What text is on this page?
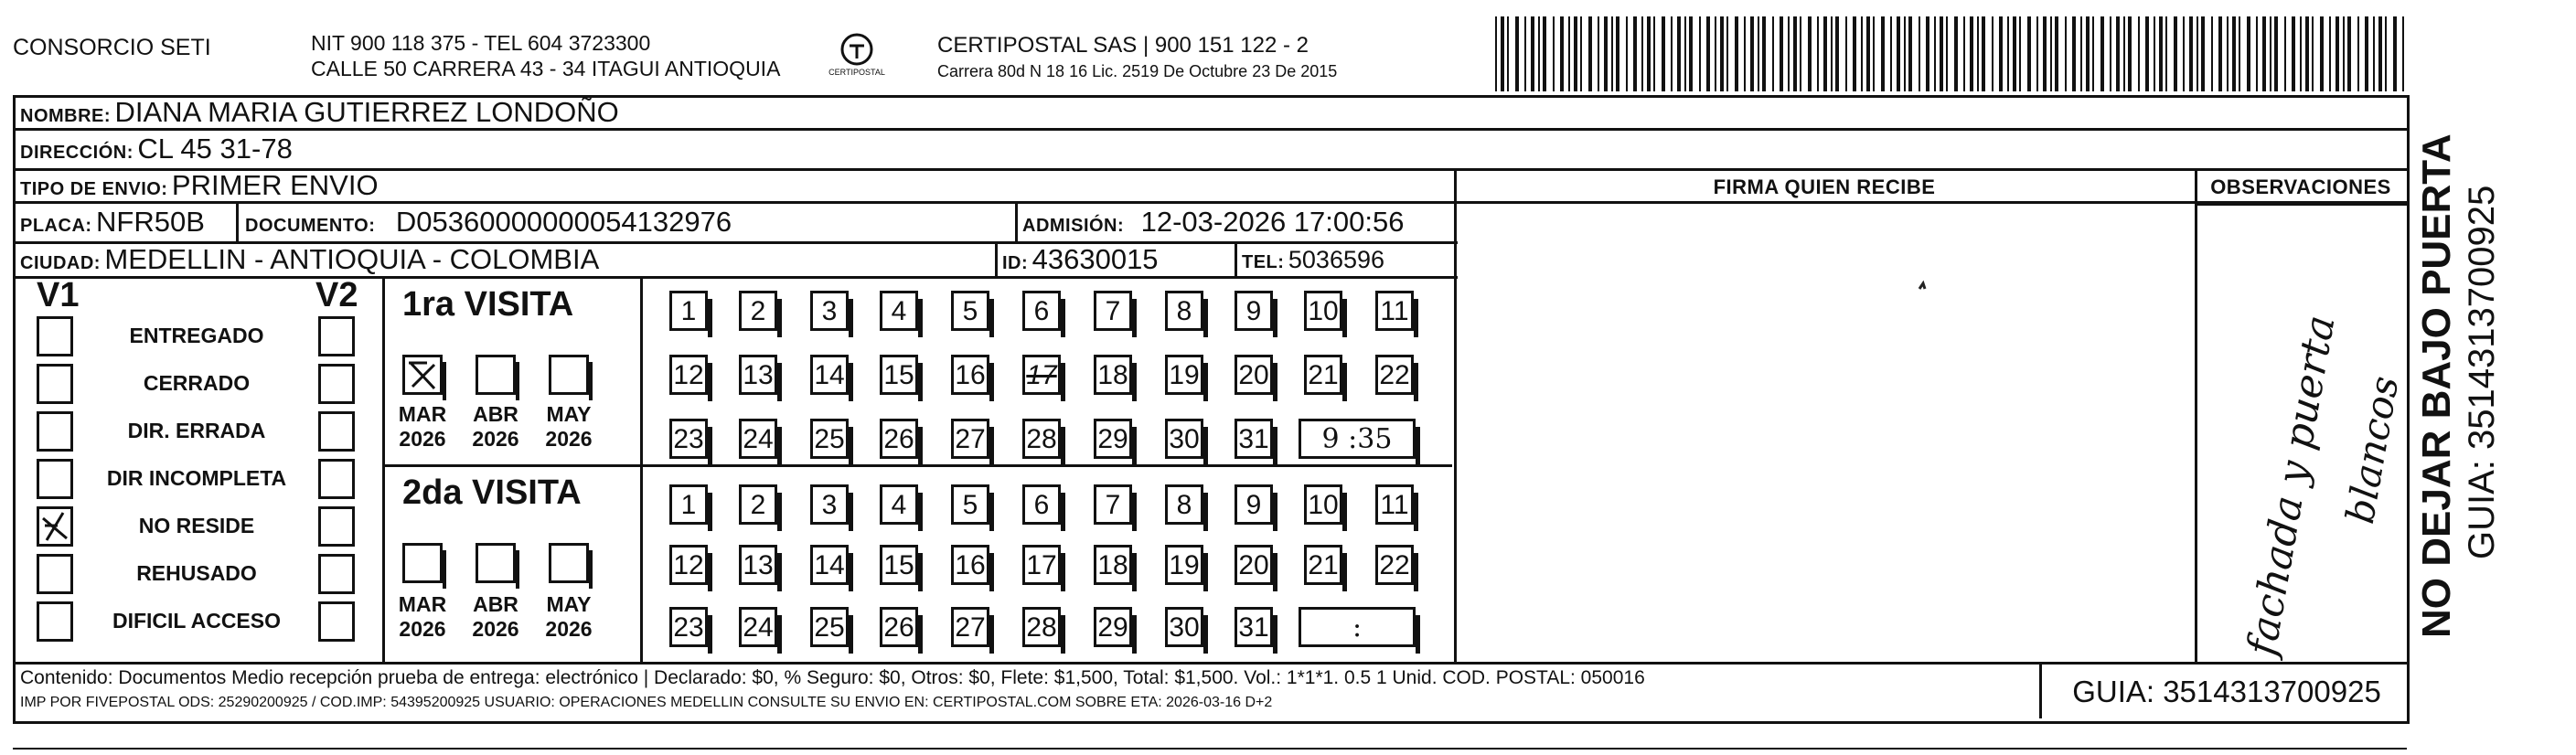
CONSORCIO SETI	NIT 900 118 375 - TEL 604 3723300
CALLE 50 CARRERA 43 - 34 ITAGUI ANTIOQUIA	CERTIPOSTAL
CERTIPOSTAL SAS | 900 151 122 - 2
Carrera 80d N 18 16 Lic. 2519 De Octubre 23 De 2015
NOMBRE: DIANA MARIA GUTIERREZ LONDOÑO
DIRECCIÓN: CL 45 31-78
TIPO DE ENVIO: PRIMER ENVIO
PLACA: NFR50B DOCUMENTO: D05360000000054132976	ADMISIÓN: 12-03-2026 17:00:56
CIUDAD: MEDELLIN - ANTIOQUIA - COLOMBIA	ID: 43630015	TEL: 5036596
FIRMA QUIEN RECIBE	OBSERVACIONES
fachada y puerta
blancos
V1	V2
ENTREGADO
CERRADO
DIR. ERRADA
DIR INCOMPLETA
NO RESIDE
REHUSADO
DIFICIL ACCESO
1ra VISITA
2da VISITA
MAR
2026
ABR
2026
MAY
2026
MAR
2026
ABR
2026
MAY
2026
1	2	3	4	5	6	7	8	9	10 11
12 13 14 15 16 17 18 19 20 21 22
23 24 25 26 27 28 29 30 31	9 :35
1	2	3	4	5	6	7	8	9	10 11
12 13 14 15 16 17 18 19 20 21 22
23 24 25 26 27 28 29 30 31	:
Contenido: Documentos Medio recepción prueba de entrega: electrónico | Declarado: $0, % Seguro: $0, Otros: $0, Flete: $1,500, Total: $1,500. Vol.: 1*1*1. 0.5 1 Unid. COD. POSTAL: 050016
IMP POR FIVEPOSTAL ODS: 25290200925 / COD.IMP: 54395200925 USUARIO: OPERACIONES MEDELLIN CONSULTE SU ENVIO EN: CERTIPOSTAL.COM SOBRE ETA: 2026-03-16 D+2	GUIA: 3514313700925
NO DEJAR BAJO PUERTA GUIA: 3514313700925
